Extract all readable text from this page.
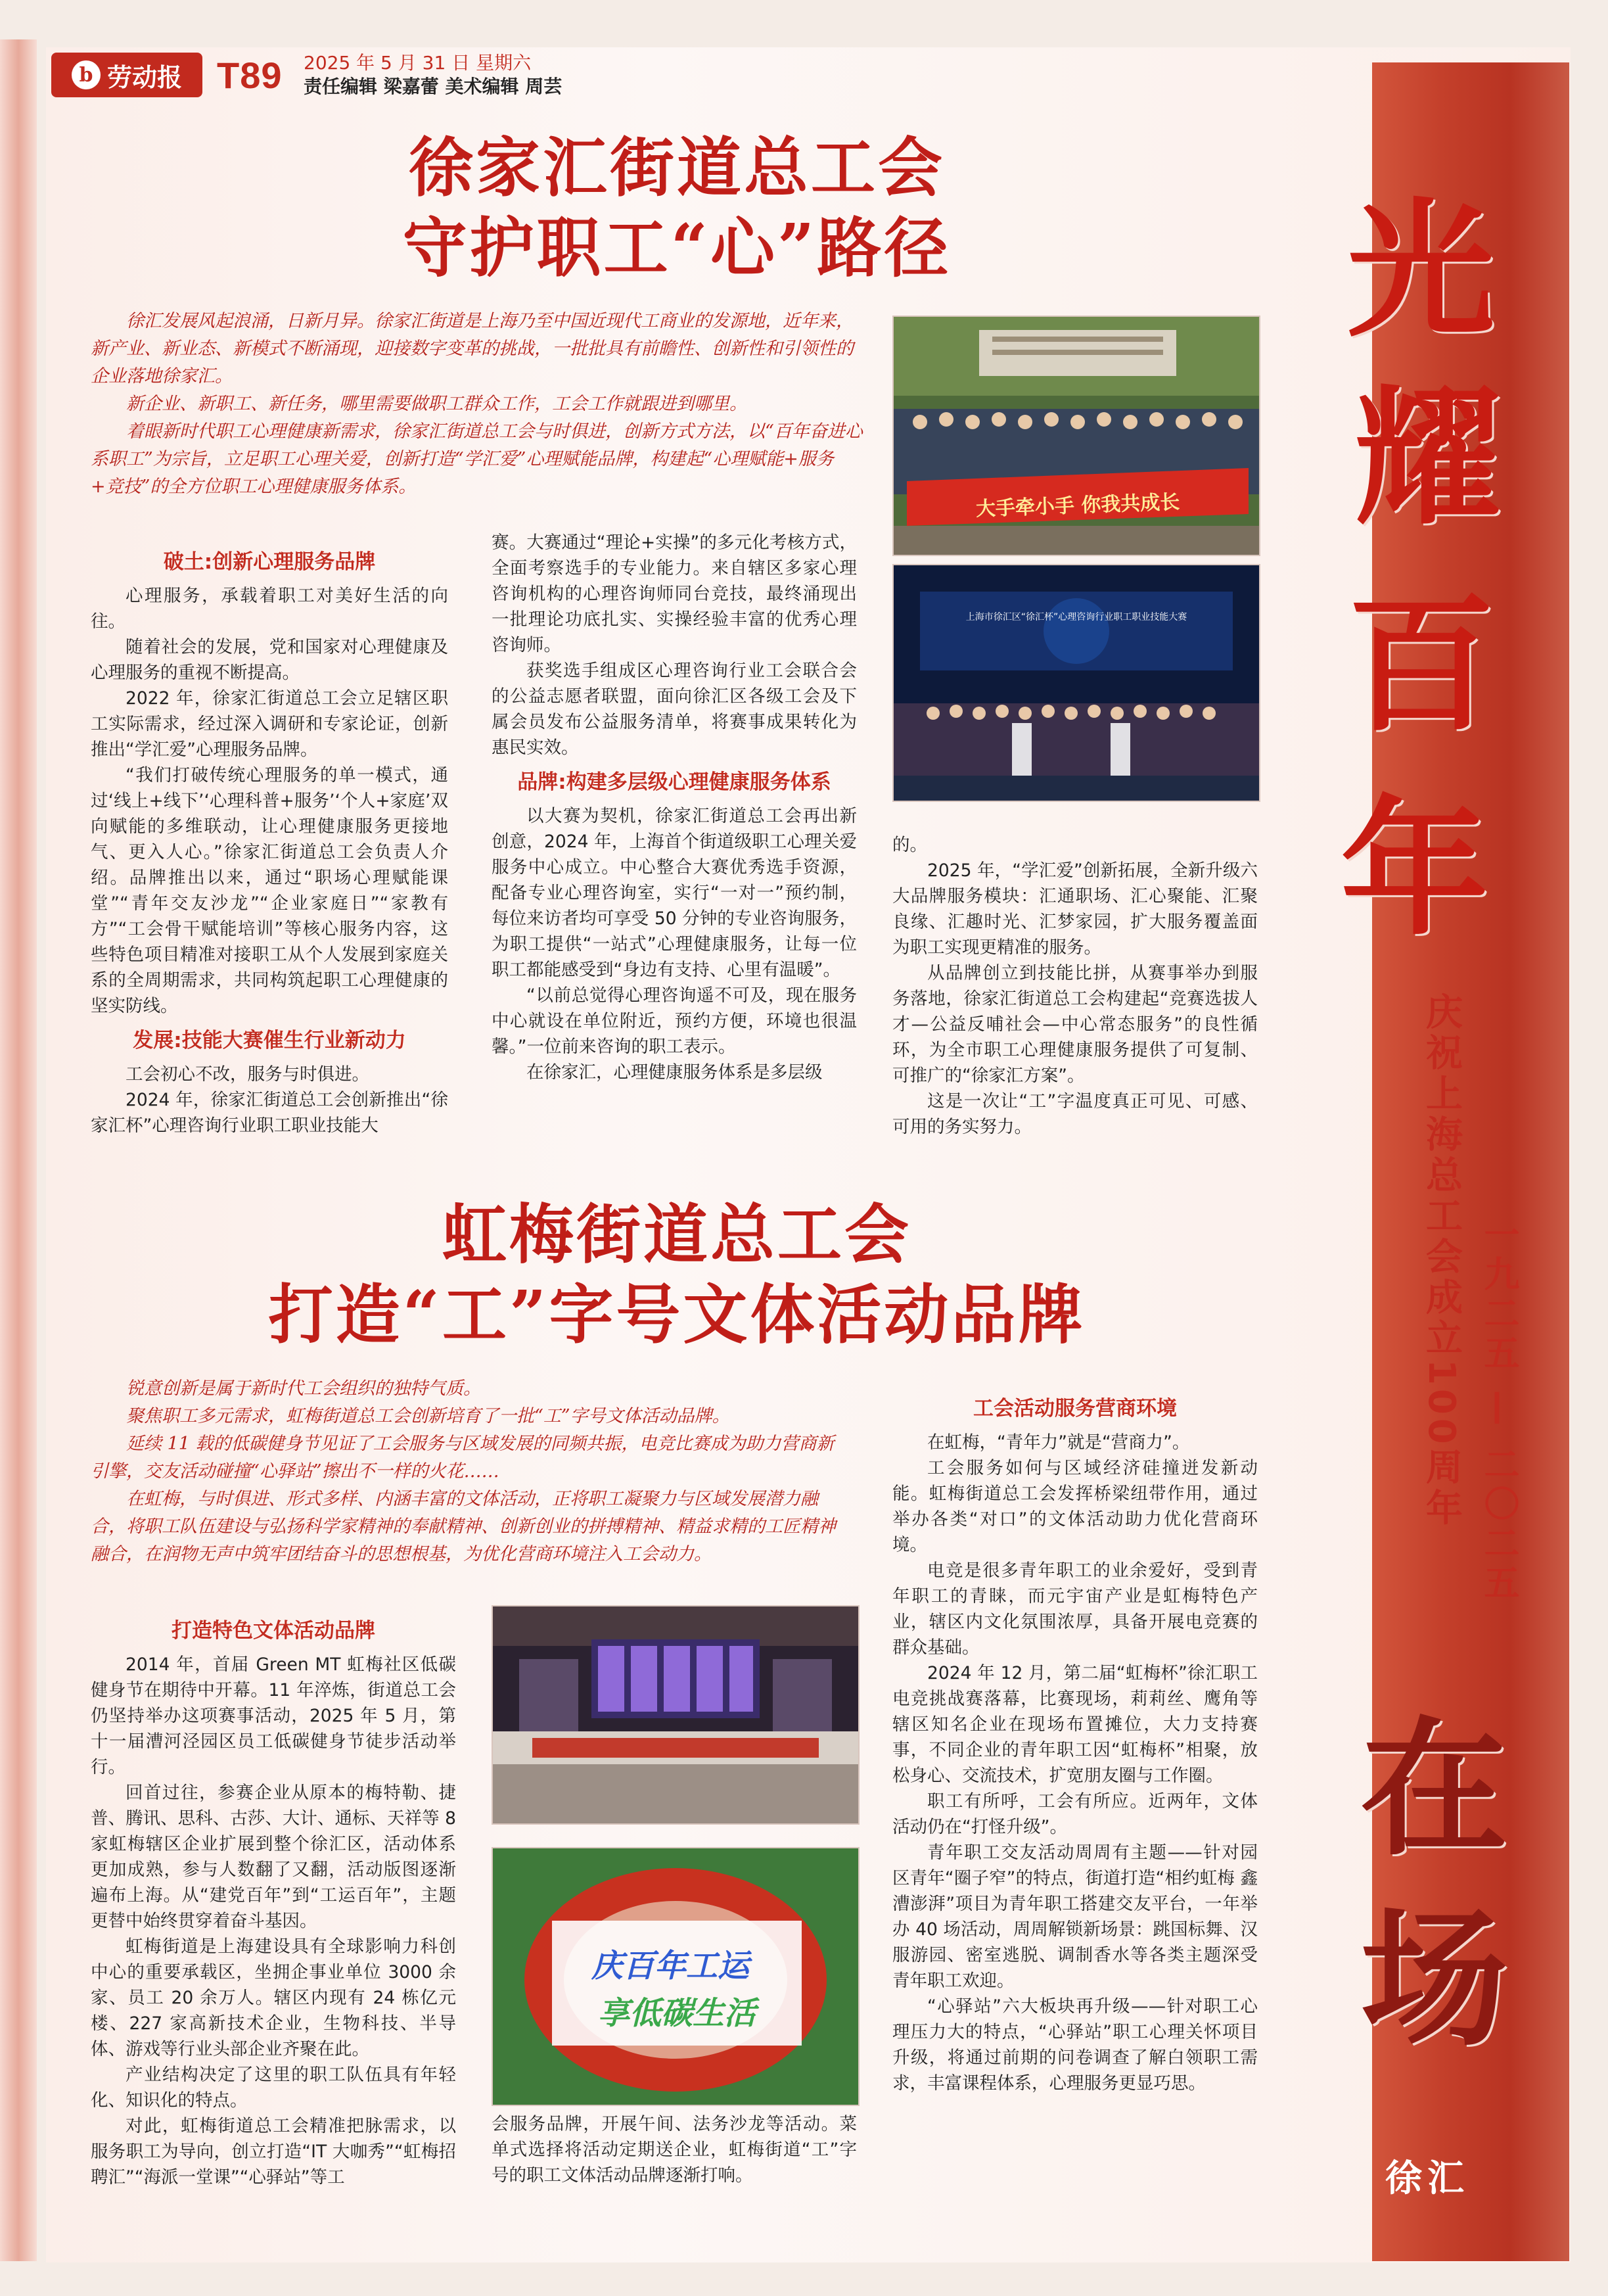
b 劳动报 T89 2025 年 5 月 31 日 星期六
责任编辑 梁嘉蕾 美术编辑 周芸
徐家汇街道总工会
守护职工“心”路径

徐汇发展风起浪涌，日新月异。徐家汇街道是上海乃至中国近现代工商业的发源地，近年来，新产业、新业态、新模式不断涌现，迎接数字变革的挑战，一批批具有前瞻性、创新性和引领性的企业落地徐家汇。

新企业、新职工、新任务，哪里需要做职工群众工作，工会工作就跟进到哪里。

着眼新时代职工心理健康新需求，徐家汇街道总工会与时俱进，创新方式方法，以“百年奋进心系职工”为宗旨，立足职工心理关爱，创新打造“学汇爱”心理赋能品牌，构建起“心理赋能+服务+竞技”的全方位职工心理健康服务体系。

大手牵小手 你我共成长
上海市徐汇区“徐汇杯”心理咨询行业职工职业技能大赛
破土:创新心理服务品牌

心理服务，承载着职工对美好生活的向往。

随着社会的发展，党和国家对心理健康及心理服务的重视不断提高。

2022 年，徐家汇街道总工会立足辖区职工实际需求，经过深入调研和专家论证，创新推出“学汇爱”心理服务品牌。

“我们打破传统心理服务的单一模式，通过‘线上+线下’‘心理科普+服务’‘个人+家庭’双向赋能的多维联动，让心理健康服务更接地气、更入人心。”徐家汇街道总工会负责人介绍。品牌推出以来，通过“职场心理赋能课堂”“青年交友沙龙”“企业家庭日”“家教有方”“工会骨干赋能培训”等核心服务内容，这些特色项目精准对接职工从个人发展到家庭关系的全周期需求，共同构筑起职工心理健康的坚实防线。

发展:技能大赛催生行业新动力

工会初心不改，服务与时俱进。

2024 年，徐家汇街道总工会创新推出“徐家汇杯”心理咨询行业职工职业技能大

赛。大赛通过“理论+实操”的多元化考核方式，全面考察选手的专业能力。来自辖区多家心理咨询机构的心理咨询师同台竞技，最终涌现出一批理论功底扎实、实操经验丰富的优秀心理咨询师。

获奖选手组成区心理咨询行业工会联合会的公益志愿者联盟，面向徐汇区各级工会及下属会员发布公益服务清单，将赛事成果转化为惠民实效。

品牌:构建多层级心理健康服务体系

以大赛为契机，徐家汇街道总工会再出新创意，2024 年，上海首个街道级职工心理关爱服务中心成立。中心整合大赛优秀选手资源，配备专业心理咨询室，实行“一对一”预约制，每位来访者均可享受 50 分钟的专业咨询服务，为职工提供“一站式”心理健康服务，让每一位职工都能感受到“身边有支持、心里有温暖”。

“以前总觉得心理咨询遥不可及，现在服务中心就设在单位附近，预约方便，环境也很温馨。”一位前来咨询的职工表示。

在徐家汇，心理健康服务体系是多层级

的。

2025 年，“学汇爱”创新拓展，全新升级六大品牌服务模块：汇通职场、汇心聚能、汇聚良缘、汇趣时光、汇梦家园，扩大服务覆盖面为职工实现更精准的服务。

从品牌创立到技能比拼，从赛事举办到服务落地，徐家汇街道总工会构建起“竞赛选拔人才—公益反哺社会—中心常态服务”的良性循环，为全市职工心理健康服务提供了可复制、可推广的“徐家汇方案”。

这是一次让“工”字温度真正可见、可感、可用的务实努力。

虹梅街道总工会
打造“工”字号文体活动品牌

锐意创新是属于新时代工会组织的独特气质。

聚焦职工多元需求，虹梅街道总工会创新培育了一批“工”字号文体活动品牌。

延续 11 载的低碳健身节见证了工会服务与区域发展的同频共振，电竞比赛成为助力营商新引擎，交友活动碰撞“心驿站”擦出不一样的火花……

在虹梅，与时俱进、形式多样、内涵丰富的文体活动，正将职工凝聚力与区域发展潜力融合，将职工队伍建设与弘扬科学家精神的奉献精神、创新创业的拼搏精神、精益求精的工匠精神融合，在润物无声中筑牢团结奋斗的思想根基，为优化营商环境注入工会动力。

庆百年工运
享低碳生活
打造特色文体活动品牌

2014 年，首届 Green MT 虹梅社区低碳健身节在期待中开幕。11 年淬炼，街道总工会仍坚持举办这项赛事活动，2025 年 5 月，第十一届漕河泾园区员工低碳健身节徒步活动举行。

回首过往，参赛企业从原本的梅特勒、捷普、腾讯、思科、古莎、大计、通标、天祥等 8 家虹梅辖区企业扩展到整个徐汇区，活动体系更加成熟，参与人数翻了又翻，活动版图逐渐遍布上海。从“建党百年”到“工运百年”，主题更替中始终贯穿着奋斗基因。

虹梅街道是上海建设具有全球影响力科创中心的重要承载区，坐拥企事业单位 3000 余家、员工 20 余万人。辖区内现有 24 栋亿元楼、227 家高新技术企业，生物科技、半导体、游戏等行业头部企业齐聚在此。

产业结构决定了这里的职工队伍具有年轻化、知识化的特点。

对此，虹梅街道总工会精准把脉需求，以服务职工为导向，创立打造“IT 大咖秀”“虹梅招聘汇”“海派一堂课”“心驿站”等工

会服务品牌，开展午间、法务沙龙等活动。菜单式选择将活动定期送企业，虹梅街道“工”字号的职工文体活动品牌逐渐打响。

工会活动服务营商环境

在虹梅，“青年力”就是“营商力”。

工会服务如何与区域经济硅撞迸发新动能。虹梅街道总工会发挥桥梁纽带作用，通过举办各类“对口”的文体活动助力优化营商环境。

电竞是很多青年职工的业余爱好，受到青年职工的青睐，而元宇宙产业是虹梅特色产业，辖区内文化氛围浓厚，具备开展电竞赛的群众基础。

2024 年 12 月，第二届“虹梅杯”徐汇职工电竞挑战赛落幕，比赛现场，莉莉丝、鹰角等辖区知名企业在现场布置摊位，大力支持赛事，不同企业的青年职工因“虹梅杯”相聚，放松身心、交流技术，扩宽朋友圈与工作圈。

职工有所呼，工会有所应。近两年，文体活动仍在“打怪升级”。

青年职工交友活动周周有主题——针对园区青年“圈子窄”的特点，街道打造“相约虹梅 鑫漕澎湃”项目为青年职工搭建交友平台，一年举办 40 场活动，周周解锁新场景：跳国标舞、汉服游园、密室逃脱、调制香水等各类主题深受青年职工欢迎。

“心驿站”六大板块再升级——针对职工心理压力大的特点，“心驿站”职工心理关怀项目升级，将通过前期的问卷调查了解白领职工需求，丰富课程体系，心理服务更显巧思。

光
耀
百
年
庆祝上海总工会成立100周年 一九二五 — 二〇二五
在
场
徐汇
